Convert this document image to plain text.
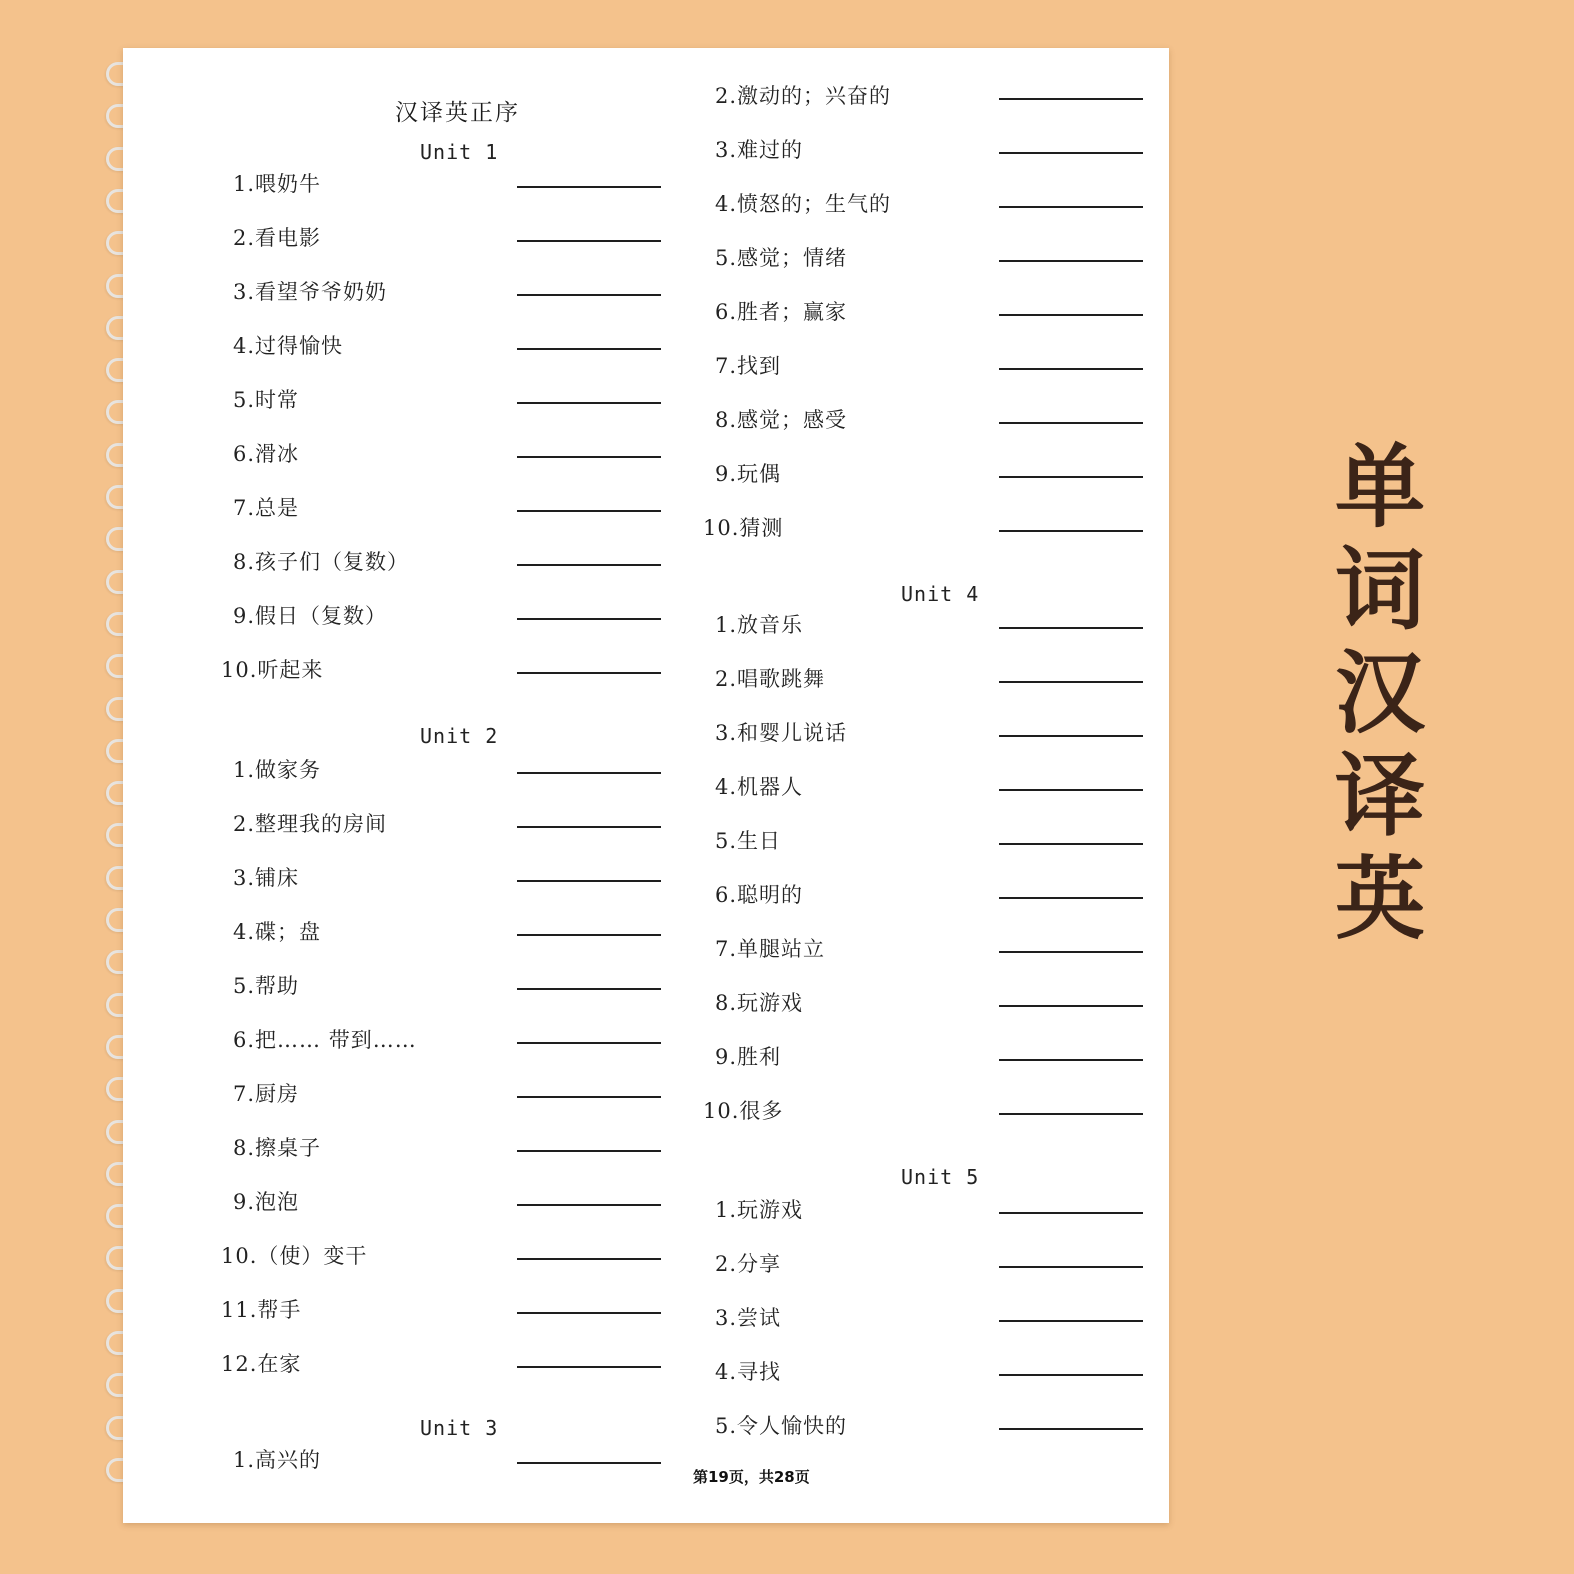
汉译英正序
Unit 1
1.喂奶牛
2.看电影
3.看望爷爷奶奶
4.过得愉快
5.时常
6.滑冰
7.总是
8.孩子们（复数）
9.假日（复数）
10.听起来
Unit 2
1.做家务
2.整理我的房间
3.铺床
4.碟；盘
5.帮助
6.把…… 带到……
7.厨房
8.擦桌子
9.泡泡
10.（使）变干
11.帮手
12.在家
Unit 3
1.高兴的
2.激动的；兴奋的
3.难过的
4.愤怒的；生气的
5.感觉；情绪
6.胜者；赢家
7.找到
8.感觉；感受
9.玩偶
10.猜测
Unit 4
1.放音乐
2.唱歌跳舞
3.和婴儿说话
4.机器人
5.生日
6.聪明的
7.单腿站立
8.玩游戏
9.胜利
10.很多
Unit 5
1.玩游戏
2.分享
3.尝试
4.寻找
5.令人愉快的
第19页，共28页
单
词
汉
译
英
